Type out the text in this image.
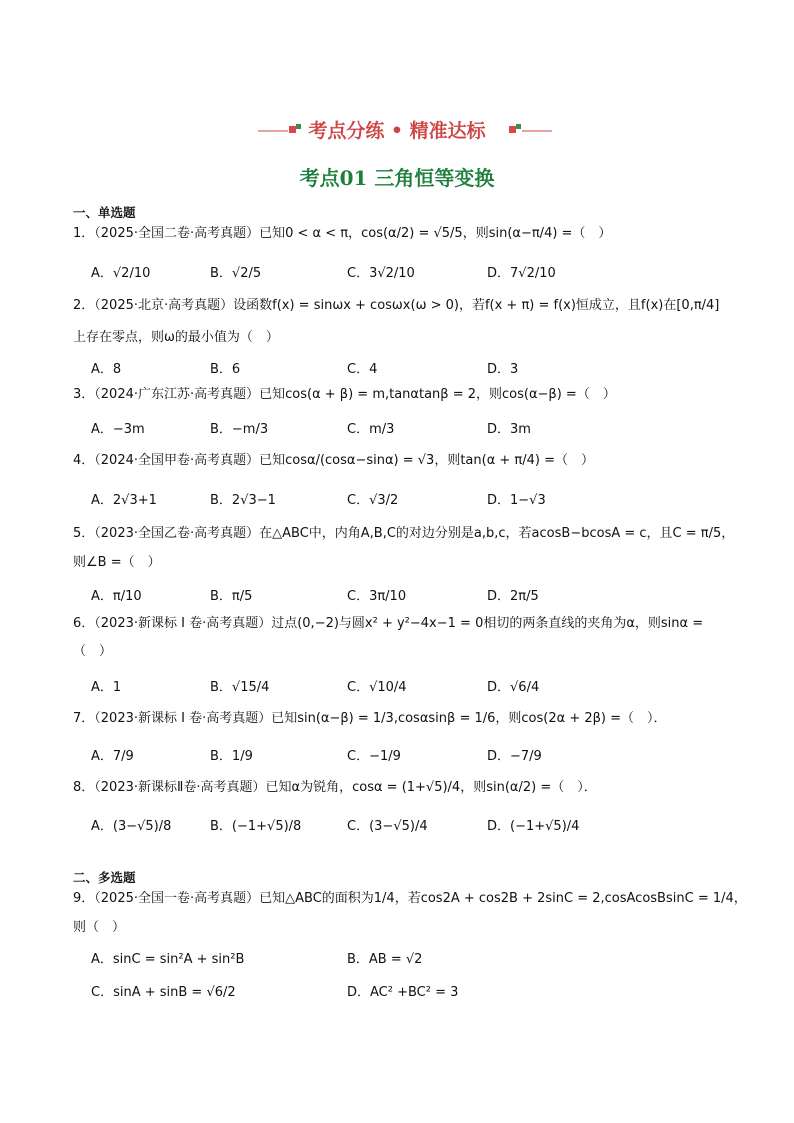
考点分练 • 精准达标
考点01 三角恒等变换
一、单选题
1．（2025·全国二卷·高考真题）已知0 < α < π，cos(α/2) = √5/5，则sin(α−π/4) =（　）
A．√2/10	B．√2/5	C．3√2/10	D．7√2/10
2．（2025·北京·高考真题）设函数f(x) = sinωx + cosωx(ω > 0)，若f(x + π) = f(x)恒成立，且f(x)在[0,π/4]
上存在零点，则ω的最小值为（　）
A．8	B．6	C．4	D．3
3．（2024·广东江苏·高考真题）已知cos(α + β) = m,tanαtanβ = 2，则cos(α−β) =（　）
A．−3m	B．−m/3	C．m/3	D．3m
4．（2024·全国甲卷·高考真题）已知cosα/(cosα−sinα) = √3，则tan(α + π/4) =（　）
A．2√3+1	B．2√3−1	C．√3/2	D．1−√3
5．（2023·全国乙卷·高考真题）在△ABC中，内角A,B,C的对边分别是a,b,c，若acosB−bcosA = c，且C = π/5，
则∠B =（　）
A．π/10	B．π/5	C．3π/10	D．2π/5
6．（2023·新课标 I 卷·高考真题）过点(0,−2)与圆x² + y²−4x−1 = 0相切的两条直线的夹角为α，则sinα =
（　）
A．1	B．√15/4	C．√10/4	D．√6/4
7．（2023·新课标 I 卷·高考真题）已知sin(α−β) = 1/3,cosαsinβ = 1/6，则cos(2α + 2β) =（　）．
A．7/9	B．1/9	C．−1/9	D．−7/9
8．（2023·新课标Ⅱ卷·高考真题）已知α为锐角，cosα = (1+√5)/4，则sin(α/2) =（　）．
A．(3−√5)/8	B．(−1+√5)/8	C．(3−√5)/4	D．(−1+√5)/4
二、多选题
9．（2025·全国一卷·高考真题）已知△ABC的面积为1/4，若cos2A + cos2B + 2sinC = 2,cosAcosBsinC = 1/4，
则（　）
A．sinC = sin²A + sin²B	B．AB = √2
C．sinA + sinB = √6/2	D．AC² +BC² = 3
